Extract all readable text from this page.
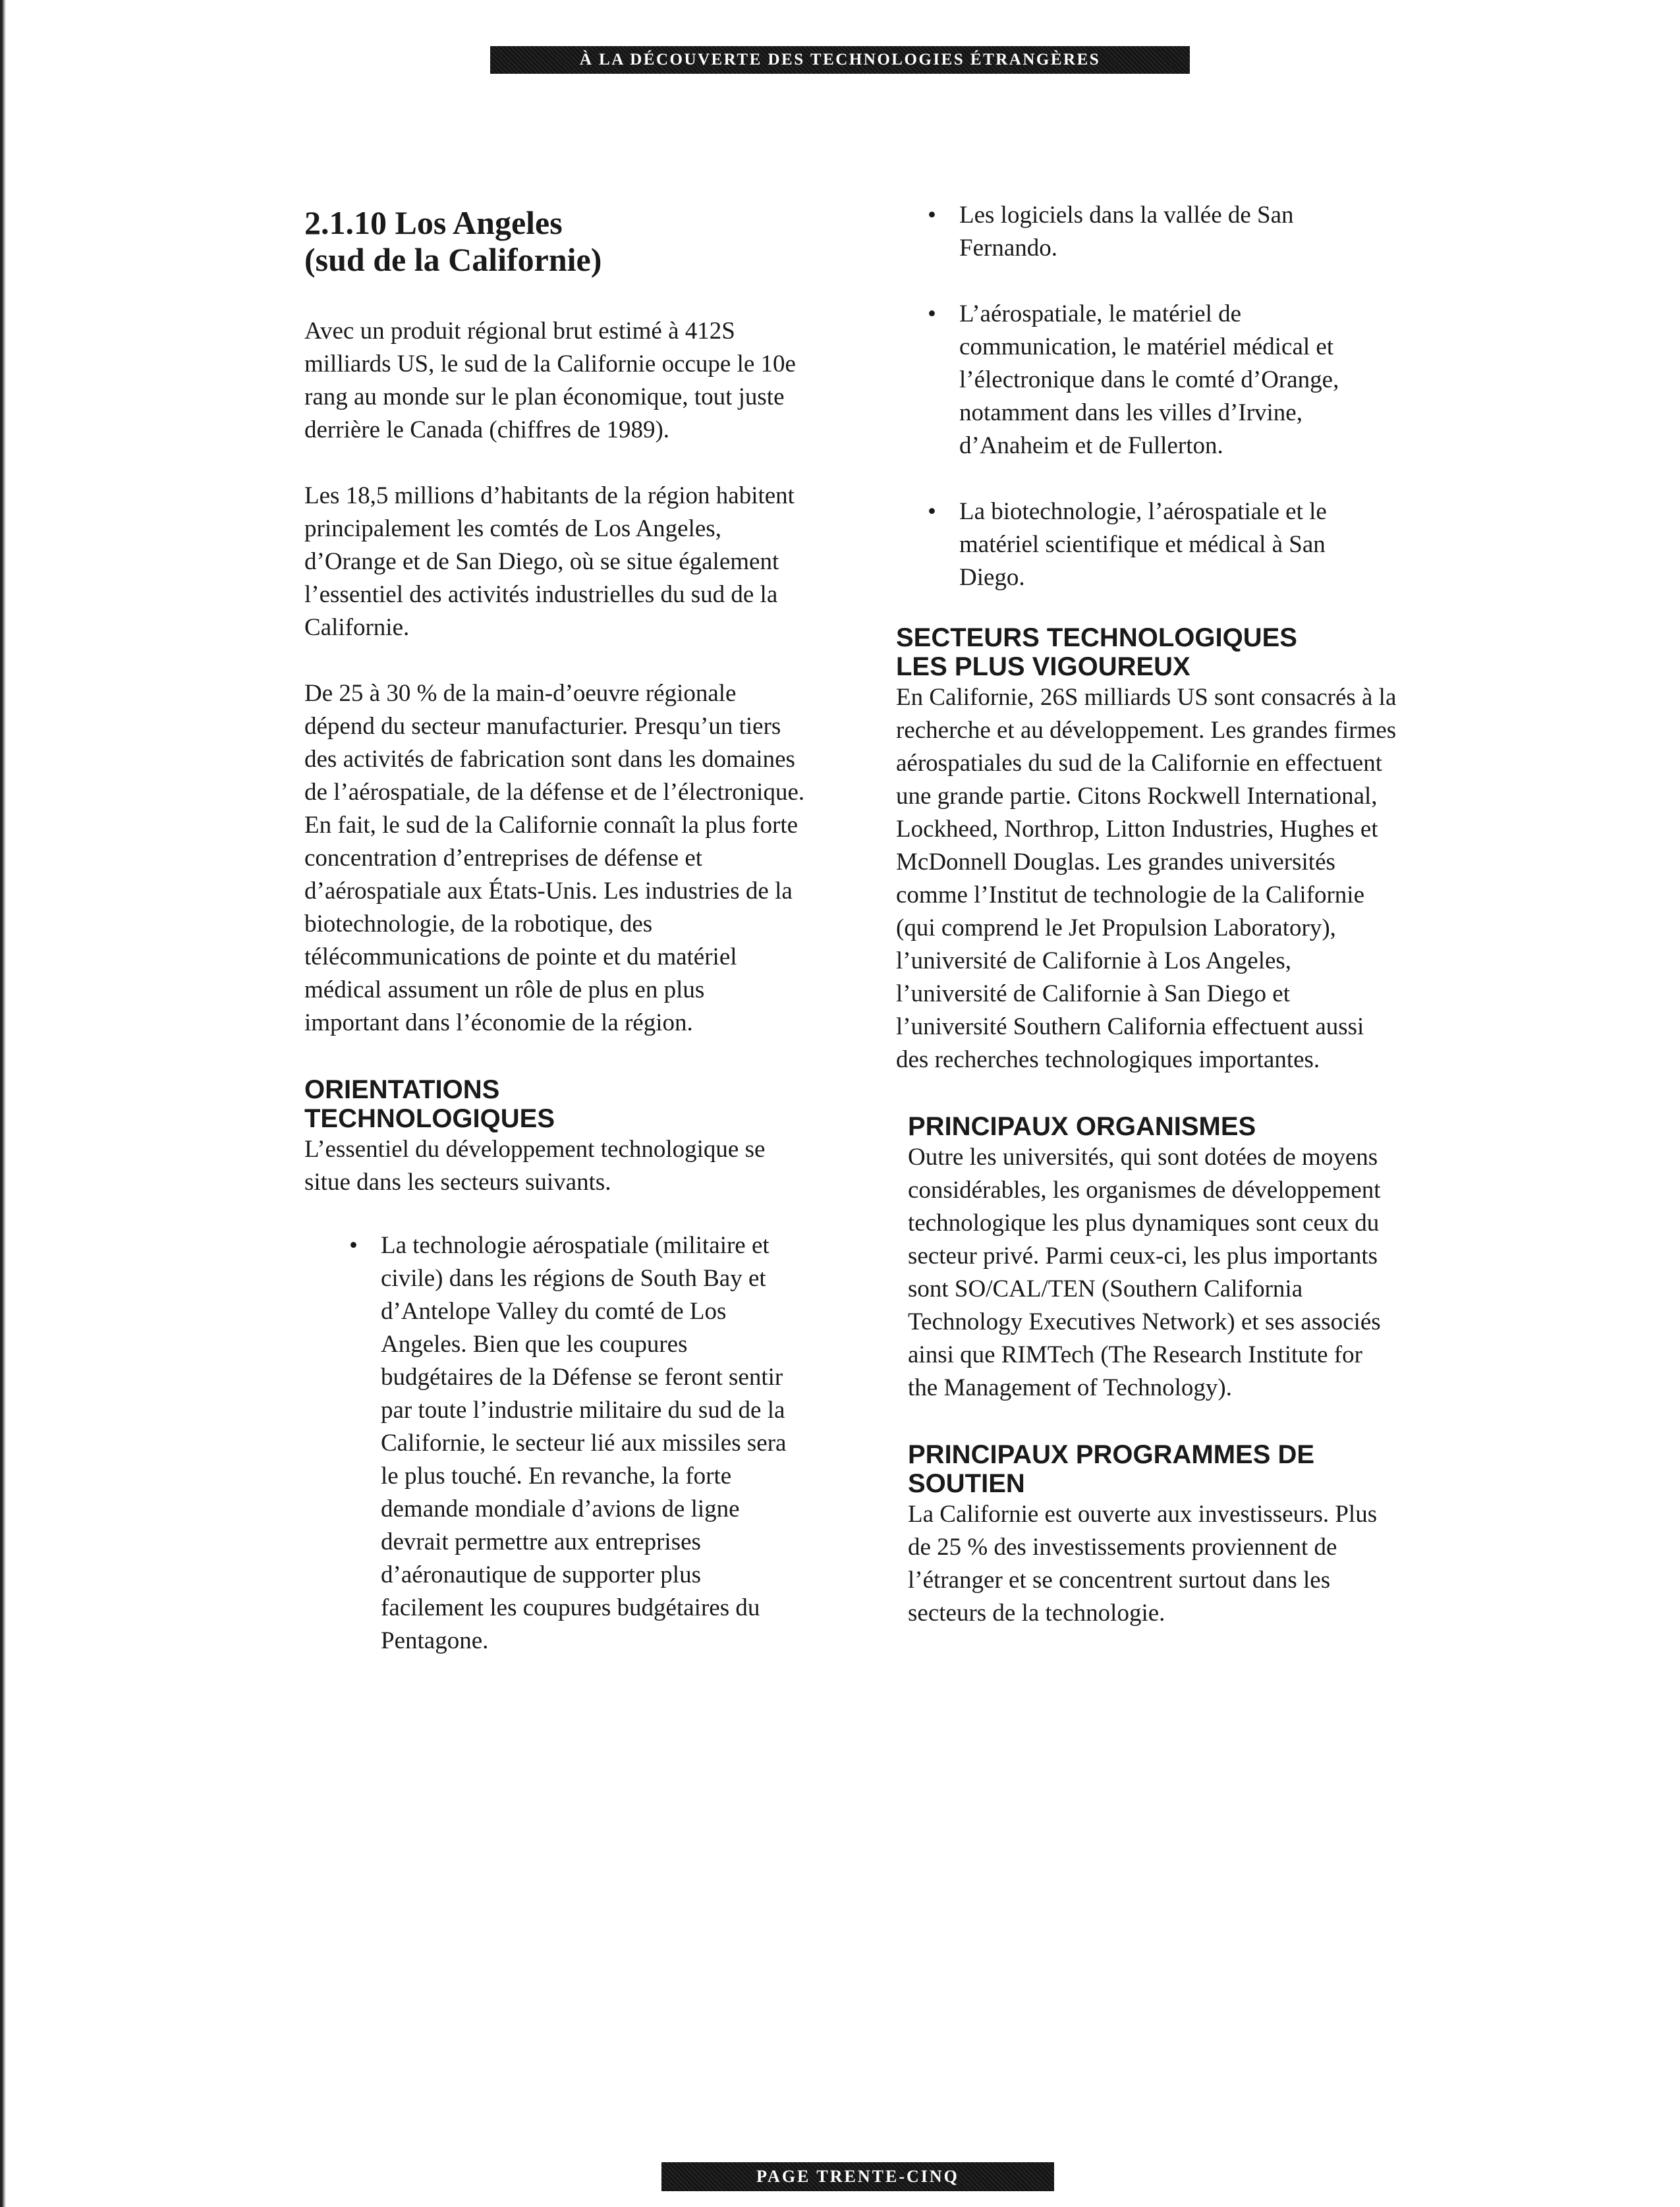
À LA DÉCOUVERTE DES TECHNOLOGIES ÉTRANGÈRES
2.1.10 Los Angeles
(sud de la Californie)

Avec un produit régional brut estimé à 412S milliards US, le sud de la Californie occupe le 10e rang au monde sur le plan économique, tout juste derrière le Canada (chiffres de 1989).

Les 18,5 millions d’habitants de la région habitent principalement les comtés de Los Angeles, d’Orange et de San Diego, où se situe également l’essentiel des activités industrielles du sud de la Californie.

De 25 à 30 % de la main-d’oeuvre régionale dépend du secteur manufacturier. Presqu’un tiers des activités de fabrication sont dans les domaines de l’aérospatiale, de la défense et de l’électronique. En fait, le sud de la Californie connaît la plus forte concentration d’entreprises de défense et d’aérospatiale aux États-Unis. Les industries de la biotechnologie, de la robotique, des télécommunications de pointe et du matériel médical assument un rôle de plus en plus important dans l’économie de la région.

ORIENTATIONS
TECHNOLOGIQUES

L’essentiel du développement technologique se situe dans les secteurs suivants.

• La technologie aérospatiale (militaire et civile) dans les régions de South Bay et d’Antelope Valley du comté de Los Angeles. Bien que les coupures budgétaires de la Défense se feront sentir par toute l’industrie militaire du sud de la Californie, le secteur lié aux missiles sera le plus touché. En revanche, la forte demande mondiale d’avions de ligne devrait permettre aux entreprises d’aéronautique de supporter plus facilement les coupures budgétaires du Pentagone.
• Les logiciels dans la vallée de San Fernando.
• L’aérospatiale, le matériel de communication, le matériel médical et l’électronique dans le comté d’Orange, notamment dans les villes d’Irvine, d’Anaheim et de Fullerton.
• La biotechnologie, l’aérospatiale et le matériel scientifique et médical à San Diego.
SECTEURS TECHNOLOGIQUES
LES PLUS VIGOUREUX

En Californie, 26S milliards US sont consacrés à la recherche et au développement. Les grandes firmes aérospatiales du sud de la Californie en effectuent une grande partie. Citons Rockwell International, Lockheed, Northrop, Litton Industries, Hughes et McDonnell Douglas. Les grandes universités comme l’Institut de technologie de la Californie (qui comprend le Jet Propulsion Laboratory), l’université de Californie à Los Angeles, l’université de Californie à San Diego et l’université Southern California effectuent aussi des recherches technologiques importantes.

PRINCIPAUX ORGANISMES

Outre les universités, qui sont dotées de moyens considérables, les organismes de développement technologique les plus dynamiques sont ceux du secteur privé. Parmi ceux-ci, les plus importants sont SO/CAL/TEN (Southern California Technology Executives Network) et ses associés ainsi que RIMTech (The Research Institute for the Management of Technology).

PRINCIPAUX PROGRAMMES DE
SOUTIEN

La Californie est ouverte aux investisseurs. Plus de 25 % des investissements proviennent de l’étranger et se concentrent surtout dans les secteurs de la technologie.

PAGE TRENTE-CINQ
